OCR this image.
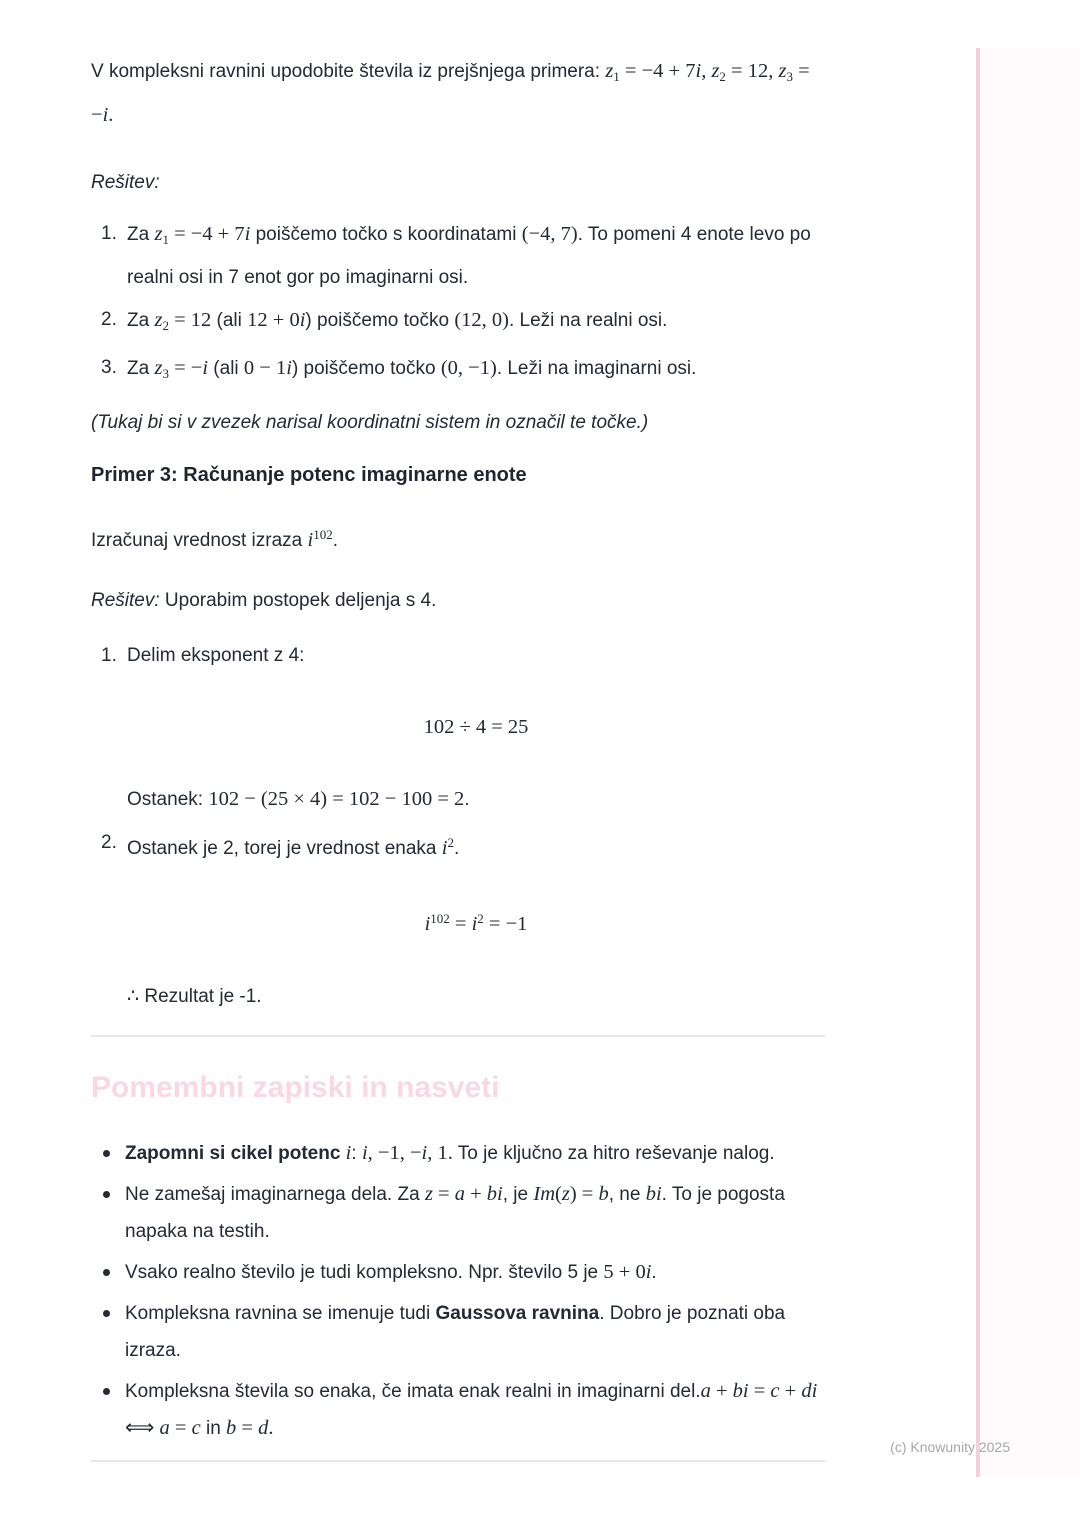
V kompleksni ravnini upodobite števila iz prejšnjega primera: $z_1 = -4 + 7i$, $z_2 = 12$, $z_3 = -i$.

Rešitev:

1. Za $z_1 = -4 + 7i$ poiščemo točko s koordinatami (−4, 7). To pomeni 4 enote levo po realni osi in 7 enot gor po imaginarni osi.
2. Za $z_2 = 12$ (ali 12 + 0i) poiščemo točko (12, 0). Leži na realni osi.
3. Za $z_3 = -i$ (ali 0 − 1i) poiščemo točko (0, −1). Leži na imaginarni osi.

(Tukaj bi si v zvezek narisal koordinatni sistem in označil te točke.)

Primer 3: Računanje potenc imaginarne enote

Izračunaj vrednost izraza $i^{102}$.

Rešitev: Uporabim postopek deljenja s 4.

1. Delim eksponent z 4:
102 ÷ 4 = 25
Ostanek: 102 − (25 × 4) = 102 − 100 = 2.
2. Ostanek je 2, torej je vrednost enaka $i^2$.
$i^{102} = i^2 = -1$
∴ Rezultat je -1.
Pomembni zapiski in nasveti
Zapomni si cikel potenc i: i, −1, −i, 1. To je ključno za hitro reševanje nalog.
Ne zamešaj imaginarnega dela. Za z = a + bi, je Im(z) = b, ne bi. To je pogosta napaka na testih.
Vsako realno število je tudi kompleksno. Npr. število 5 je 5 + 0i.
Kompleksna ravnina se imenuje tudi Gaussova ravnina. Dobro je poznati oba izraza.
Kompleksna števila so enaka, če imata enak realni in imaginarni del.a + bi = c + di ⟺ a = c in b = d.
(c) Knowunity 2025
